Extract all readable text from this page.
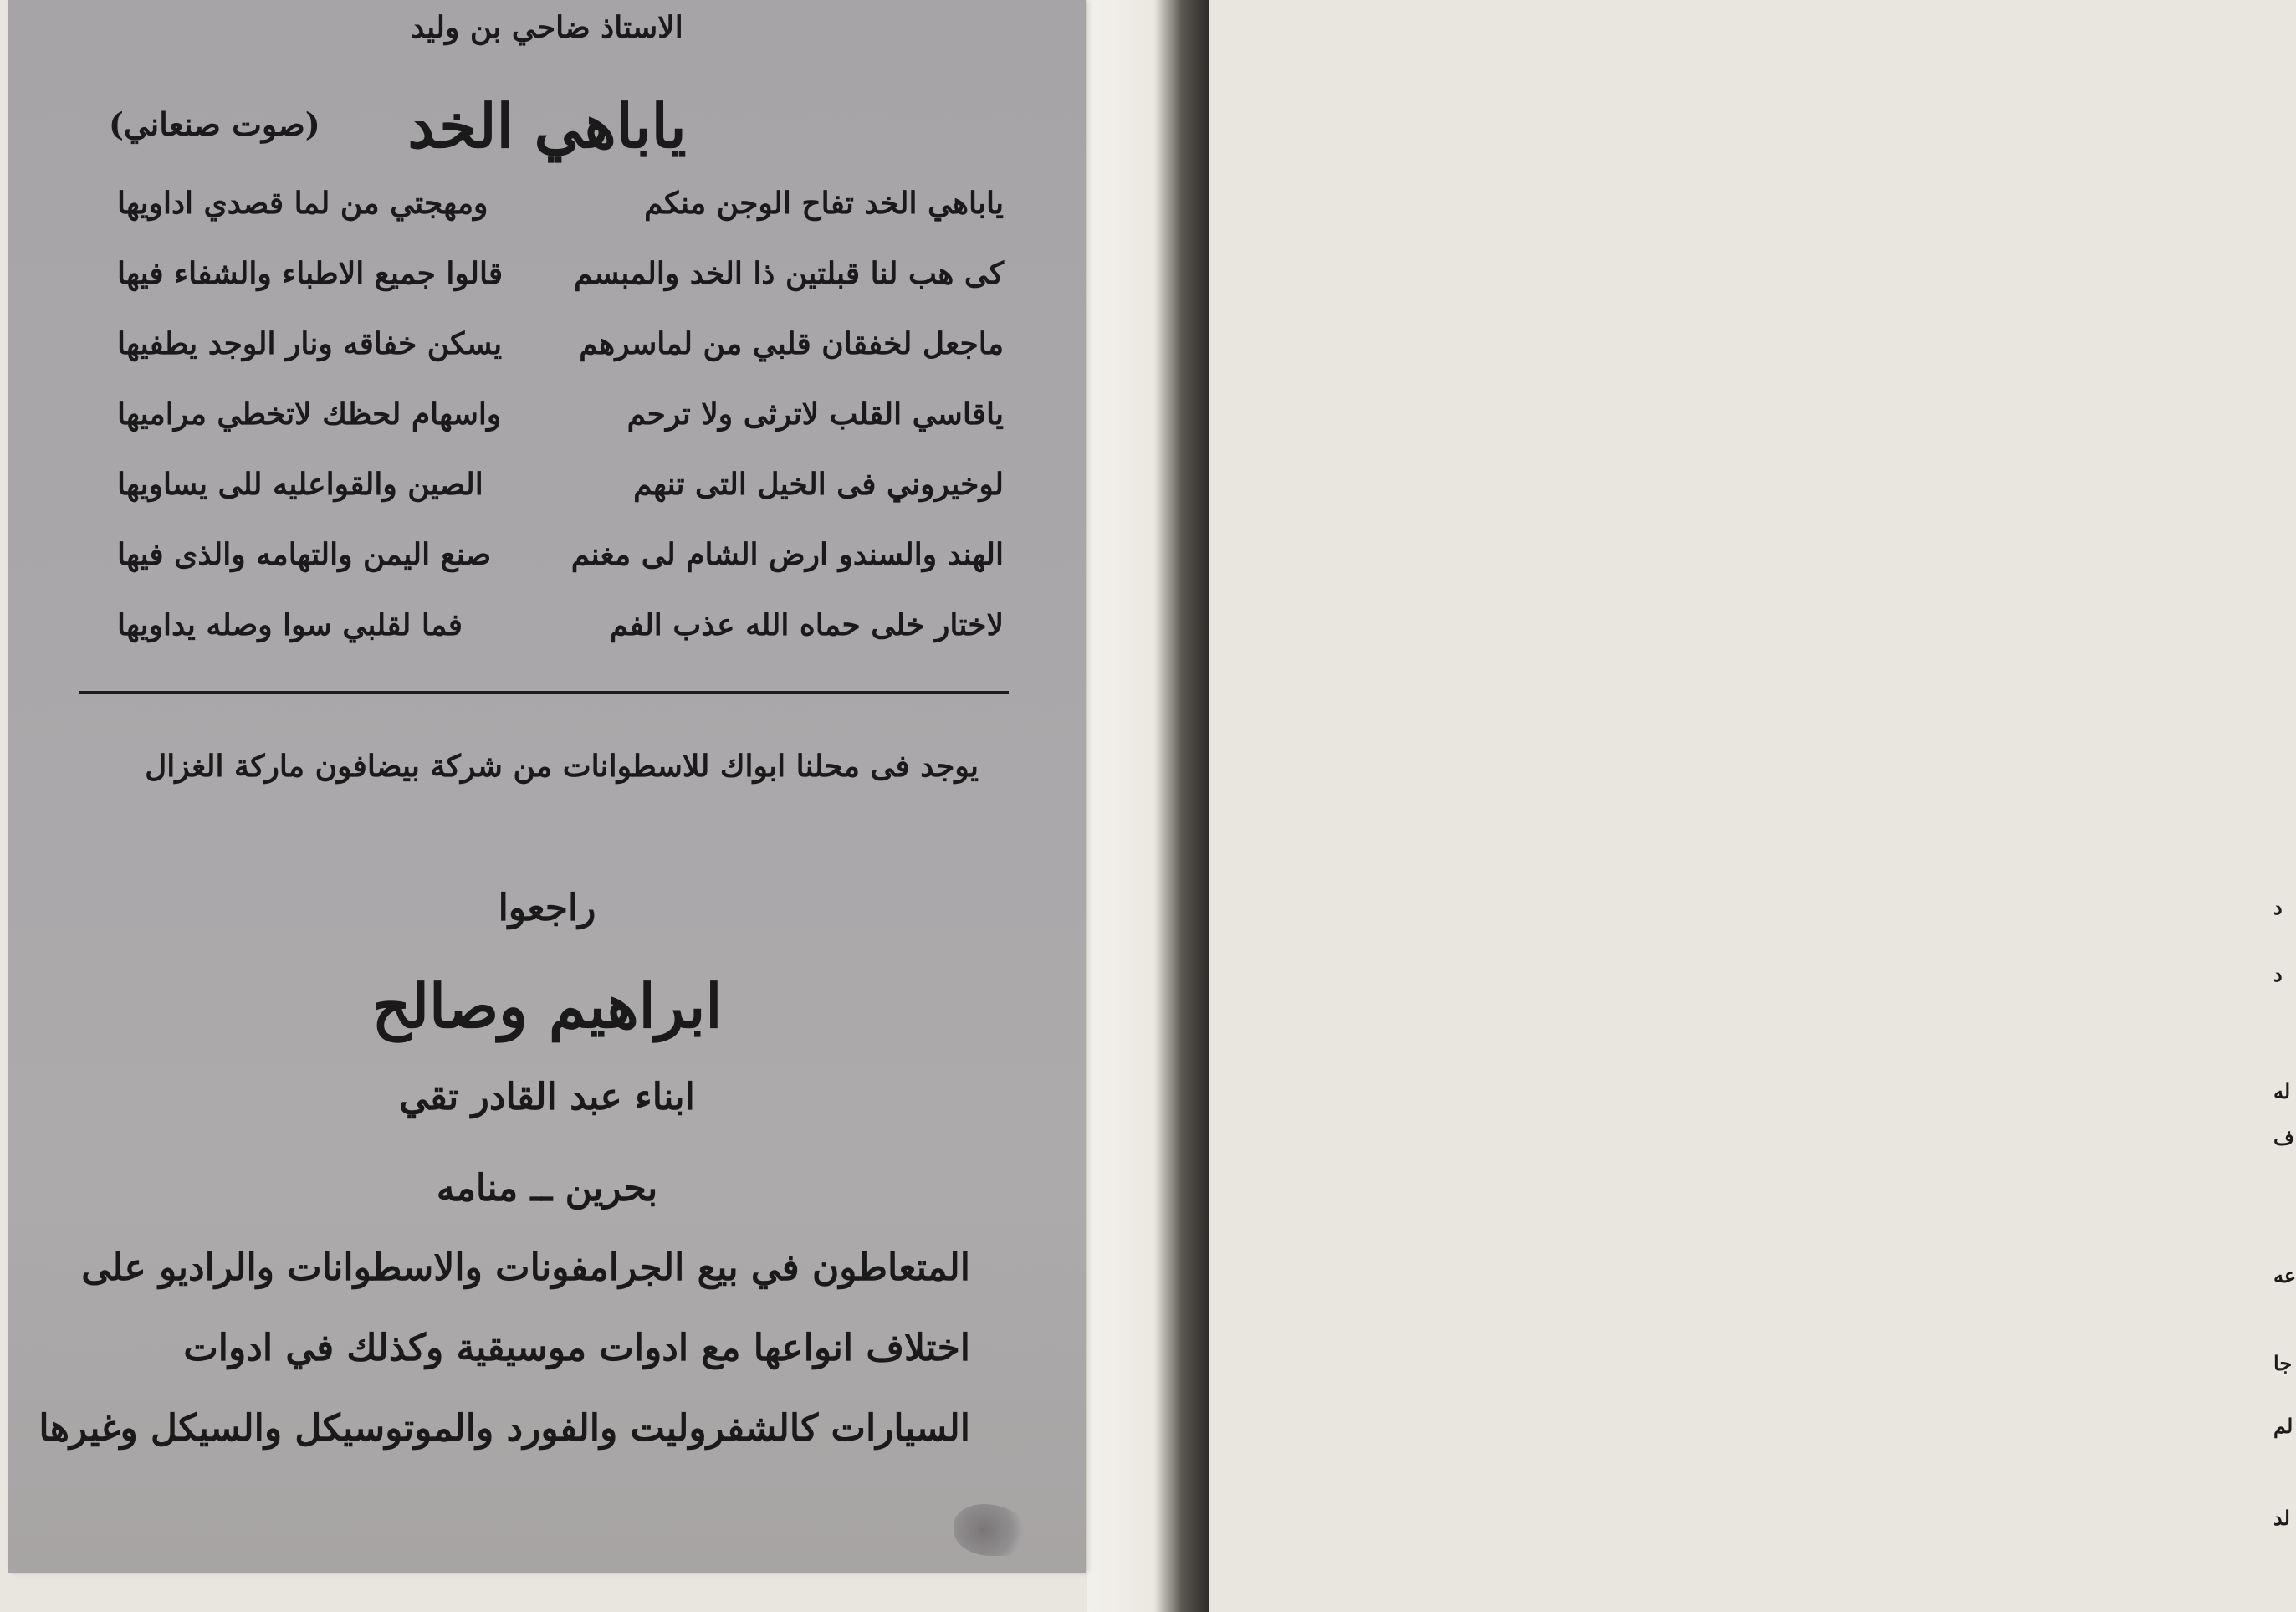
د
د
له
ف
عه
جا
لم
لد
الاستاذ ضاحي بن وليد
ياباهي الخد
(صوت صنعاني)
ياباهي الخد تفاح الوجن منكم
ومهجتي من لما قصدي اداويها
كى هب لنا قبلتين ذا الخد والمبسم
قالوا جميع الاطباء والشفاء فيها
ماجعل لخفقان قلبي من لماسرهم
يسكن خفاقه ونار الوجد يطفيها
ياقاسي القلب لاترثى ولا ترحم
واسهام لحظك لاتخطي مراميها
لوخيروني فى الخيل التى تنهم
الصين والقواعليه للى يساويها
الهند والسندو ارض الشام لى مغنم
صنع اليمن والتهامه والذى فيها
لاختار خلى حماه الله عذب الفم
فما لقلبي سوا وصله يداويها
يوجد فى محلنا ابواك للاسطوانات من شركة بيضافون ماركة الغزال
راجعوا
ابراهيم وصالح
ابناء عبد القادر تقي
بحرين ــ منامه
المتعاطون في بيع الجرامفونات والاسطوانات والراديو على
اختلاف انواعها مع ادوات موسيقية وكذلك في ادوات
السيارات كالشفروليت والفورد والموتوسيكل والسيكل وغيرها
